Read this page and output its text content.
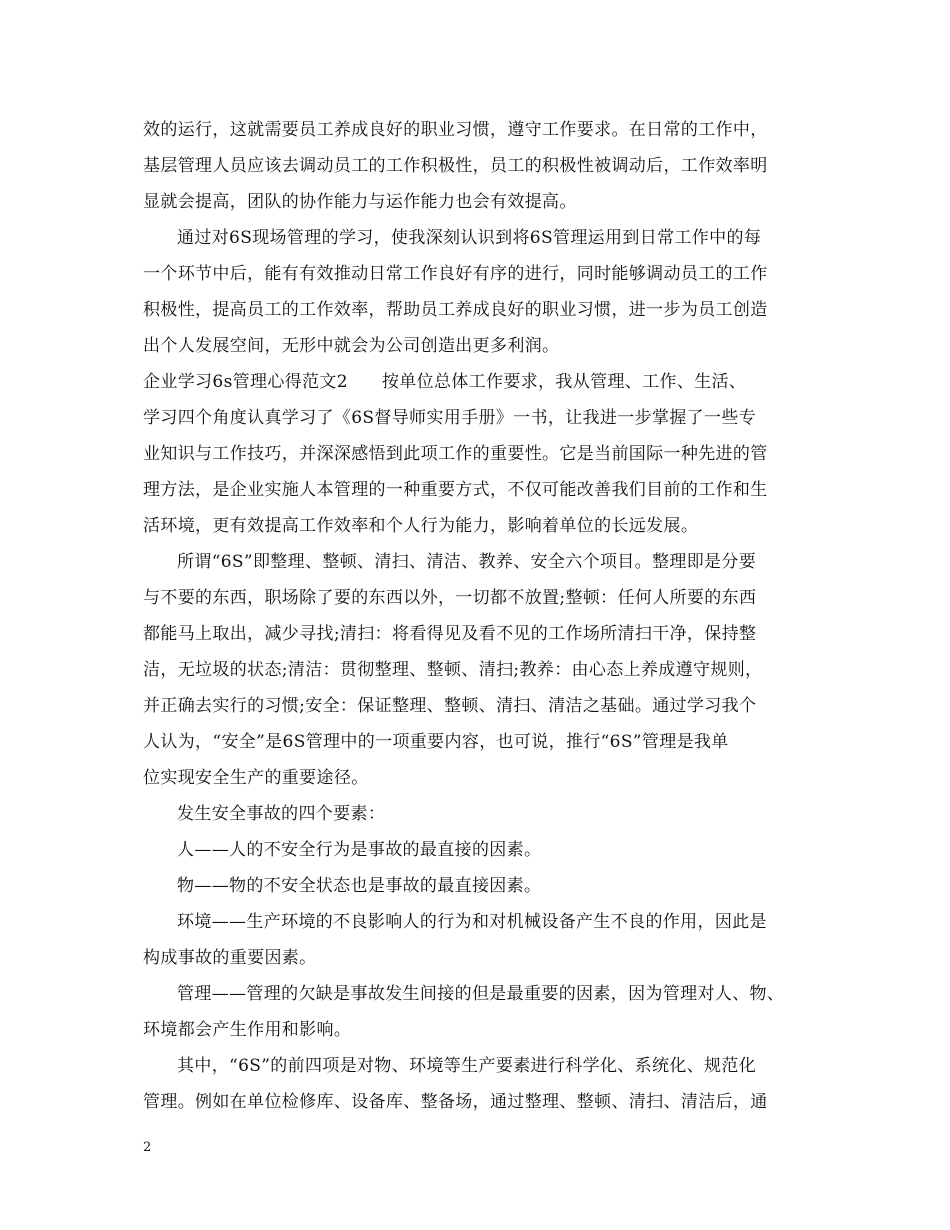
效的运行，这就需要员工养成良好的职业习惯，遵守工作要求。在日常的工作中，
基层管理人员应该去调动员工的工作积极性，员工的积极性被调动后，工作效率明
显就会提高，团队的协作能力与运作能力也会有效提高。
通过对6S现场管理的学习，使我深刻认识到将6S管理运用到日常工作中的每
一个环节中后，能有有效推动日常工作良好有序的进行，同时能够调动员工的工作
积极性，提高员工的工作效率，帮助员工养成良好的职业习惯，进一步为员工创造
出个人发展空间，无形中就会为公司创造出更多利润。
企业学习6s管理心得范文2 按单位总体工作要求，我从管理、工作、生活、
学习四个角度认真学习了《6S督导师实用手册》一书，让我进一步掌握了一些专
业知识与工作技巧，并深深感悟到此项工作的重要性。它是当前国际一种先进的管
理方法，是企业实施人本管理的一种重要方式，不仅可能改善我们目前的工作和生
活环境，更有效提高工作效率和个人行为能力，影响着单位的长远发展。
所谓“6S”即整理、整顿、清扫、清洁、教养、安全六个项目。整理即是分要
与不要的东西，职场除了要的东西以外，一切都不放置;整顿：任何人所要的东西
都能马上取出，减少寻找;清扫：将看得见及看不见的工作场所清扫干净，保持整
洁，无垃圾的状态;清洁：贯彻整理、整顿、清扫;教养：由心态上养成遵守规则，
并正确去实行的习惯;安全：保证整理、整顿、清扫、清洁之基础。通过学习我个
人认为，“安全”是6S管理中的一项重要内容，也可说，推行“6S”管理是我单
位实现安全生产的重要途径。
发生安全事故的四个要素：
人——人的不安全行为是事故的最直接的因素。
物——物的不安全状态也是事故的最直接因素。
环境——生产环境的不良影响人的行为和对机械设备产生不良的作用，因此是
构成事故的重要因素。
管理——管理的欠缺是事故发生间接的但是最重要的因素，因为管理对人、物、
环境都会产生作用和影响。
其中，“6S”的前四项是对物、环境等生产要素进行科学化、系统化、规范化
管理。例如在单位检修库、设备库、整备场，通过整理、整顿、清扫、清洁后，通
2
